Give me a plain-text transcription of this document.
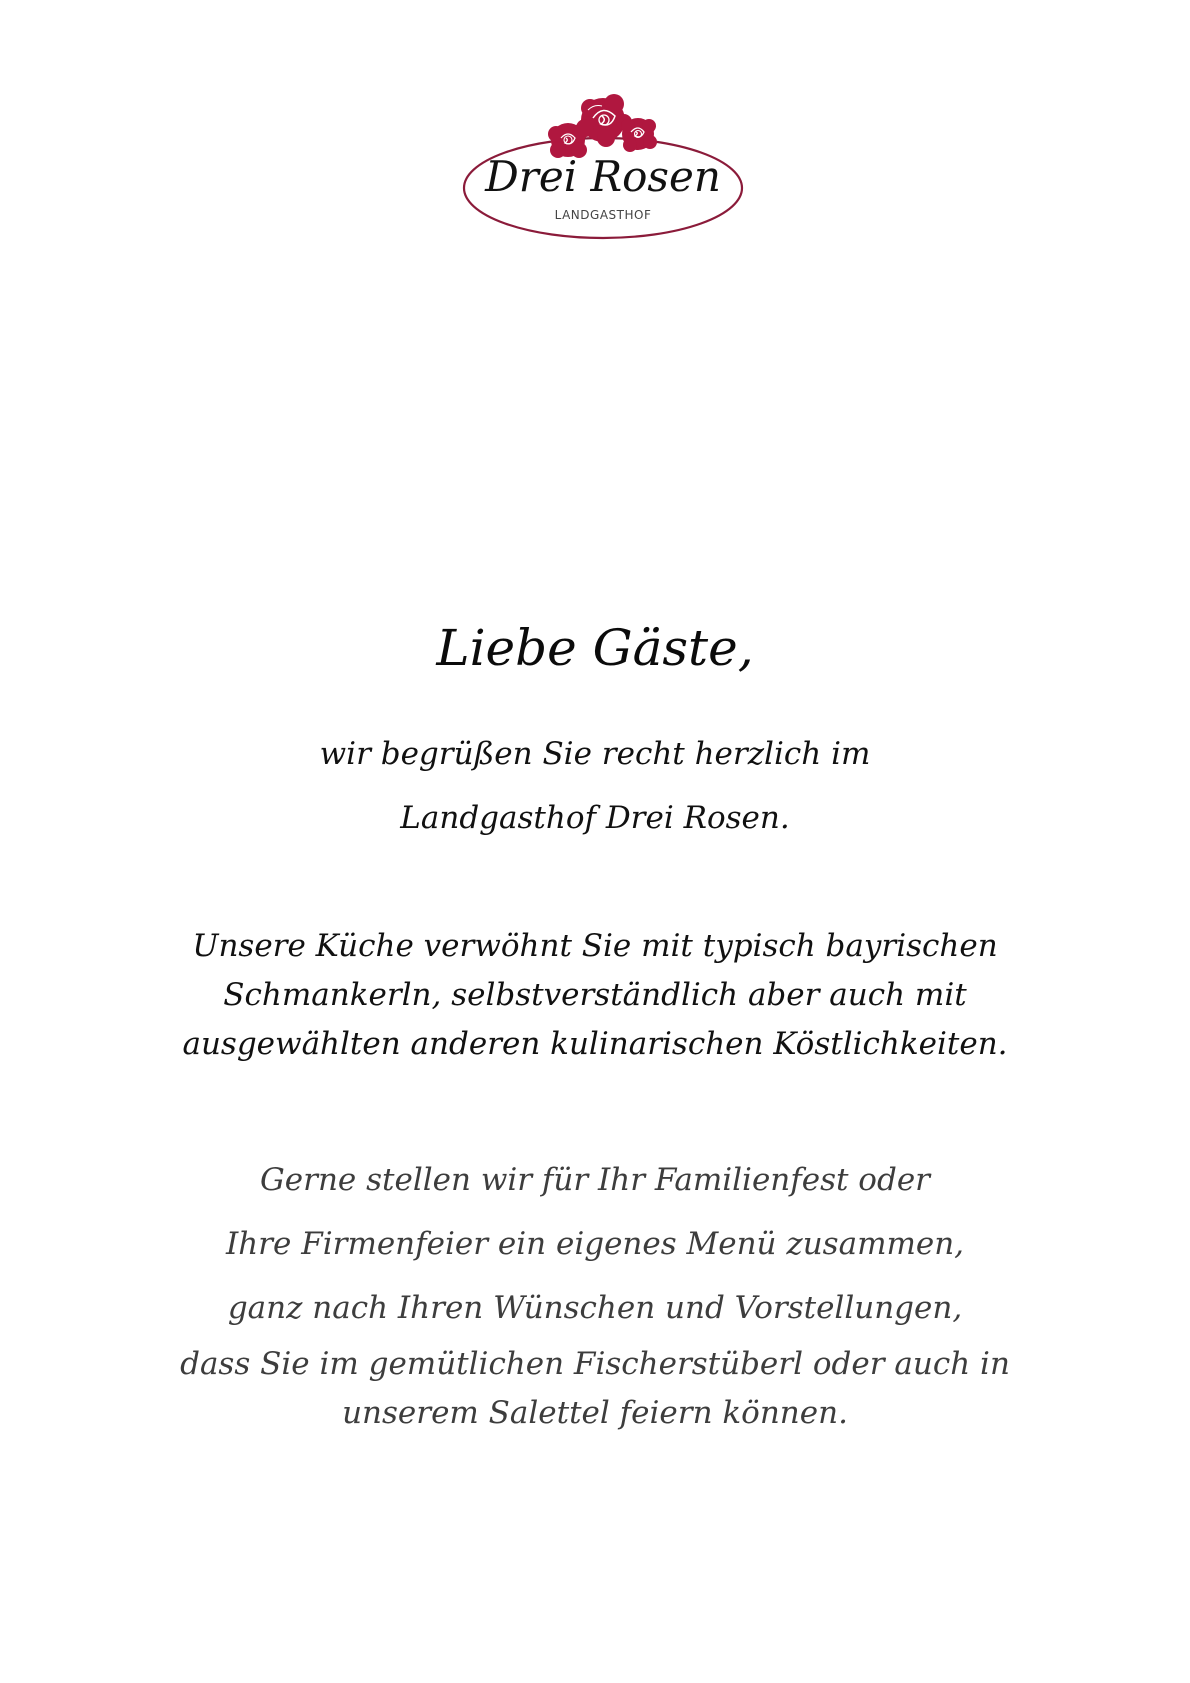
Drei Rosen
LANDGASTHOF
Liebe Gäste,
wir begrüßen Sie recht herzlich im
Landgasthof Drei Rosen.
Unsere Küche verwöhnt Sie mit typisch bayrischen
Schmankerln, selbstverständlich aber auch mit
ausgewählten anderen kulinarischen Köstlichkeiten.
Gerne stellen wir für Ihr Familienfest oder
Ihre Firmenfeier ein eigenes Menü zusammen,
ganz nach Ihren Wünschen und Vorstellungen,
dass Sie im gemütlichen Fischerstüberl oder auch in
unserem Salettel feiern können.
